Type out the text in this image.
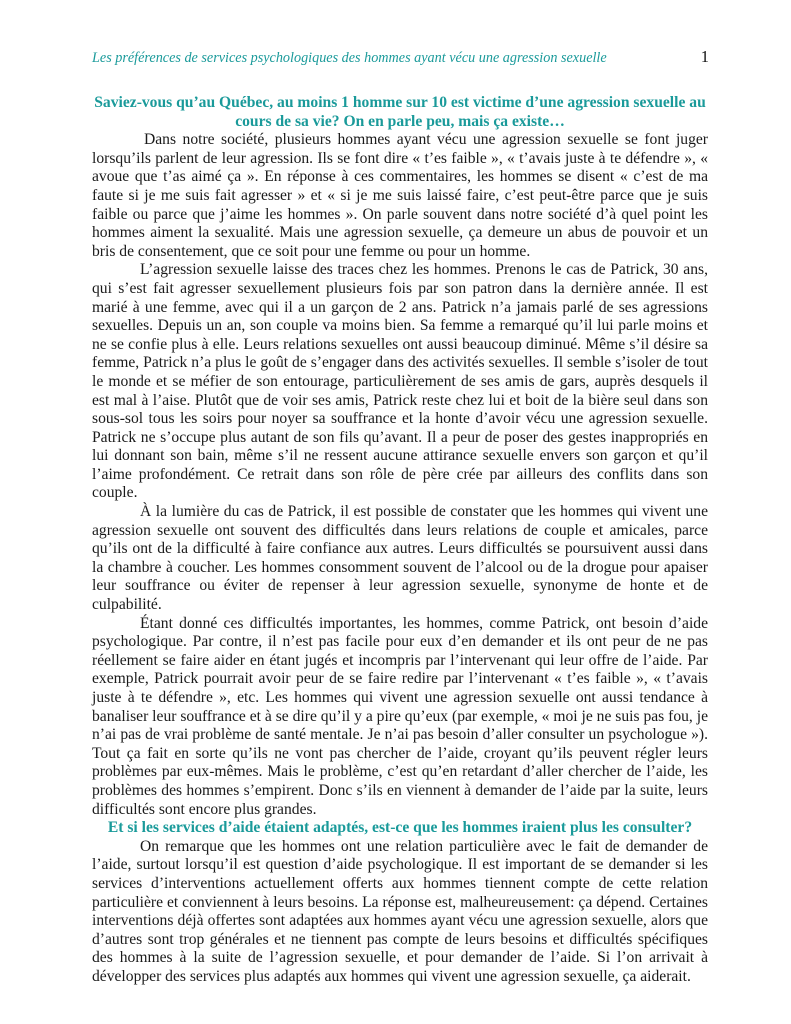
Les préférences de services psychologiques des hommes ayant vécu une agression sexuelle	1
Saviez-vous qu’au Québec, au moins 1 homme sur 10 est victime d’une agression sexuelle au cours de sa vie? On en parle peu, mais ça existe…

Dans notre société, plusieurs hommes ayant vécu une agression sexuelle se font juger lorsqu’ils parlent de leur agression. Ils se font dire « t’es faible », « t’avais juste à te défendre », « avoue que t’as aimé ça ». En réponse à ces commentaires, les hommes se disent « c’est de ma faute si je me suis fait agresser » et « si je me suis laissé faire, c’est peut-être parce que je suis faible ou parce que j’aime les hommes ». On parle souvent dans notre société d’à quel point les hommes aiment la sexualité. Mais une agression sexuelle, ça demeure un abus de pouvoir et un bris de consentement, que ce soit pour une femme ou pour un homme.

L’agression sexuelle laisse des traces chez les hommes. Prenons le cas de Patrick, 30 ans, qui s’est fait agresser sexuellement plusieurs fois par son patron dans la dernière année. Il est marié à une femme, avec qui il a un garçon de 2 ans. Patrick n’a jamais parlé de ses agressions sexuelles. Depuis un an, son couple va moins bien. Sa femme a remarqué qu’il lui parle moins et ne se confie plus à elle. Leurs relations sexuelles ont aussi beaucoup diminué. Même s’il désire sa femme, Patrick n’a plus le goût de s’engager dans des activités sexuelles. Il semble s’isoler de tout le monde et se méfier de son entourage, particulièrement de ses amis de gars, auprès desquels il est mal à l’aise. Plutôt que de voir ses amis, Patrick reste chez lui et boit de la bière seul dans son sous-sol tous les soirs pour noyer sa souffrance et la honte d’avoir vécu une agression sexuelle. Patrick ne s’occupe plus autant de son fils qu’avant. Il a peur de poser des gestes inappropriés en lui donnant son bain, même s’il ne ressent aucune attirance sexuelle envers son garçon et qu’il l’aime profondément. Ce retrait dans son rôle de père crée par ailleurs des conflits dans son couple.

À la lumière du cas de Patrick, il est possible de constater que les hommes qui vivent une agression sexuelle ont souvent des difficultés dans leurs relations de couple et amicales, parce qu’ils ont de la difficulté à faire confiance aux autres. Leurs difficultés se poursuivent aussi dans la chambre à coucher. Les hommes consomment souvent de l’alcool ou de la drogue pour apaiser leur souffrance ou éviter de repenser à leur agression sexuelle, synonyme de honte et de culpabilité.

Étant donné ces difficultés importantes, les hommes, comme Patrick, ont besoin d’aide psychologique. Par contre, il n’est pas facile pour eux d’en demander et ils ont peur de ne pas réellement se faire aider en étant jugés et incompris par l’intervenant qui leur offre de l’aide. Par exemple, Patrick pourrait avoir peur de se faire redire par l’intervenant « t’es faible », « t’avais juste à te défendre », etc. Les hommes qui vivent une agression sexuelle ont aussi tendance à banaliser leur souffrance et à se dire qu’il y a pire qu’eux (par exemple, « moi je ne suis pas fou, je n’ai pas de vrai problème de santé mentale. Je n’ai pas besoin d’aller consulter un psychologue »). Tout ça fait en sorte qu’ils ne vont pas chercher de l’aide, croyant qu’ils peuvent régler leurs problèmes par eux-mêmes. Mais le problème, c’est qu’en retardant d’aller chercher de l’aide, les problèmes des hommes s’empirent. Donc s’ils en viennent à demander de l’aide par la suite, leurs difficultés sont encore plus grandes.

Et si les services d’aide étaient adaptés, est-ce que les hommes iraient plus les consulter?

On remarque que les hommes ont une relation particulière avec le fait de demander de l’aide, surtout lorsqu’il est question d’aide psychologique. Il est important de se demander si les services d’interventions actuellement offerts aux hommes tiennent compte de cette relation particulière et conviennent à leurs besoins. La réponse est, malheureusement: ça dépend. Certaines interventions déjà offertes sont adaptées aux hommes ayant vécu une agression sexuelle, alors que d’autres sont trop générales et ne tiennent pas compte de leurs besoins et difficultés spécifiques des hommes à la suite de l’agression sexuelle, et pour demander de l’aide. Si l’on arrivait à développer des services plus adaptés aux hommes qui vivent une agression sexuelle, ça aiderait.
